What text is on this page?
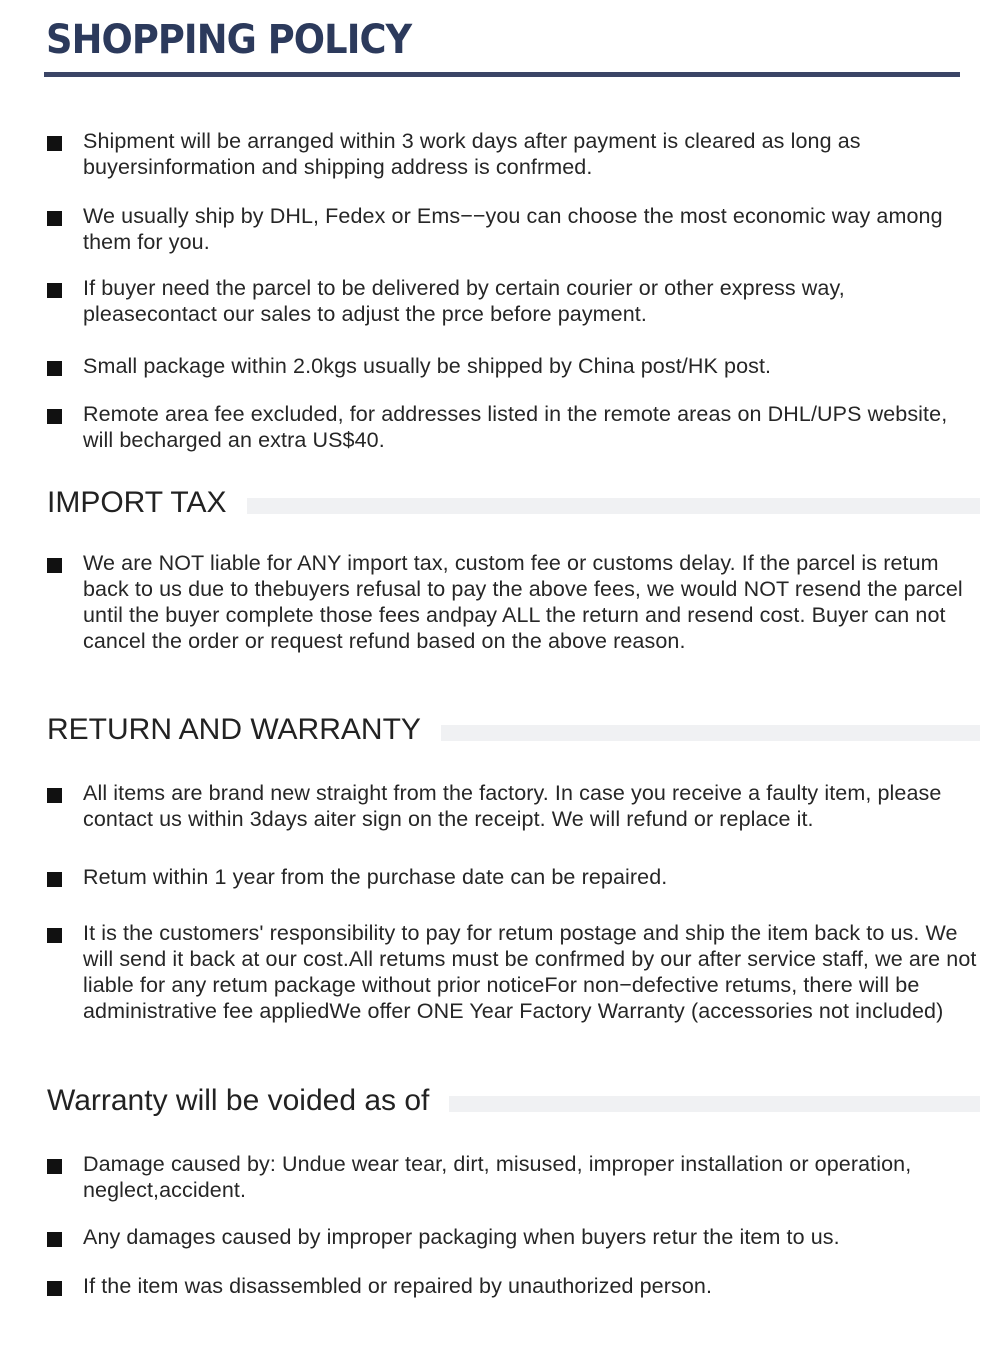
SHOPPING POLICY
Shipment will be arranged within 3 work days after payment is cleared as long as buyersinformation and shipping address is confrmed.
We usually ship by DHL, Fedex or Ems−−you can choose the most economic way among them for you.
If buyer need the parcel to be delivered by certain courier or other express way, pleasecontact our sales to adjust the prce before payment.
Small package within 2.0kgs usually be shipped by China post/HK post.
Remote area fee excluded, for addresses listed in the remote areas on DHL/UPS website, will becharged an extra US$40.
IMPORT TAX
We are NOT liable for ANY import tax, custom fee or customs delay. If the parcel is retum back to us due to thebuyers refusal to pay the above fees, we would NOT resend the parcel until the buyer complete those fees andpay ALL the return and resend cost. Buyer can not cancel the order or request refund based on the above reason.
RETURN AND WARRANTY
All items are brand new straight from the factory. In case you receive a faulty item, please contact us within 3days aiter sign on the receipt. We will refund or replace it.
Retum within 1 year from the purchase date can be repaired.
It is the customers' responsibility to pay for retum postage and ship the item back to us. We will send it back at our cost.All retums must be confrmed by our after service staff, we are not liable for any retum package without prior noticeFor non−defective retums, there will be administrative fee appliedWe offer ONE Year Factory Warranty (accessories not included)
Warranty will be voided as of
Damage caused by: Undue wear tear, dirt, misused, improper installation or operation, neglect,accident.
Any damages caused by improper packaging when buyers retur the item to us.
If the item was disassembled or repaired by unauthorized person.
